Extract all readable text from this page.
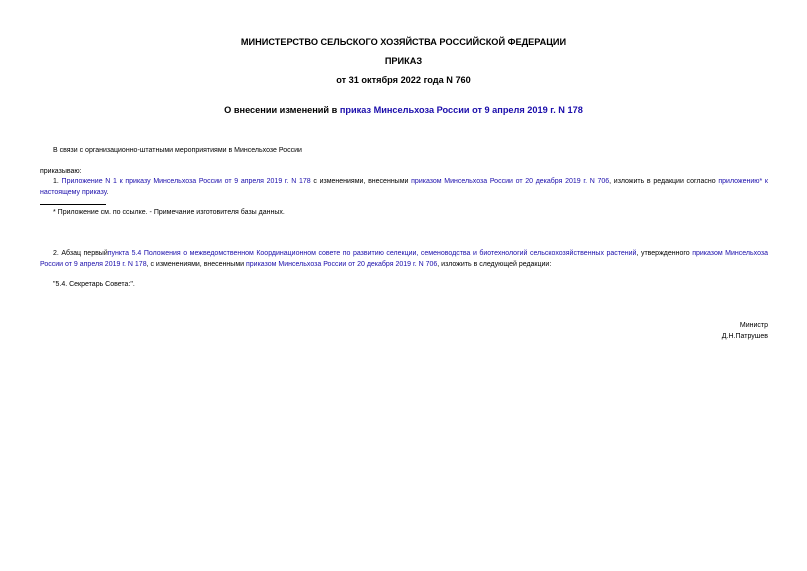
МИНИСТЕРСТВО СЕЛЬСКОГО ХОЗЯЙСТВА РОССИЙСКОЙ ФЕДЕРАЦИИ
ПРИКАЗ
от 31 октября 2022 года N 760
О внесении изменений в приказ Минсельхоза России от 9 апреля 2019 г. N 178
В связи с организационно-штатными мероприятиями в Минсельхозе России
приказываю:
1. Приложение N 1 к приказу Минсельхоза России от 9 апреля 2019 г. N 178 с изменениями, внесенными приказом Минсельхоза России от 20 декабря 2019 г. N 706, изложить в редакции согласно приложению* к настоящему приказу.
* Приложение см. по ссылке. - Примечание изготовителя базы данных.
2. Абзац первыйпункта 5.4 Положения о межведомственном Координационном совете по развитию селекции, семеноводства и биотехнологий сельскохозяйственных растений, утвержденного приказом Минсельхоза России от 9 апреля 2019 г. N 178, с изменениями, внесенными приказом Минсельхоза России от 20 декабря 2019 г. N 706, изложить в следующей редакции:
"5.4. Секретарь Совета:".
Министр
Д.Н.Патрушев
